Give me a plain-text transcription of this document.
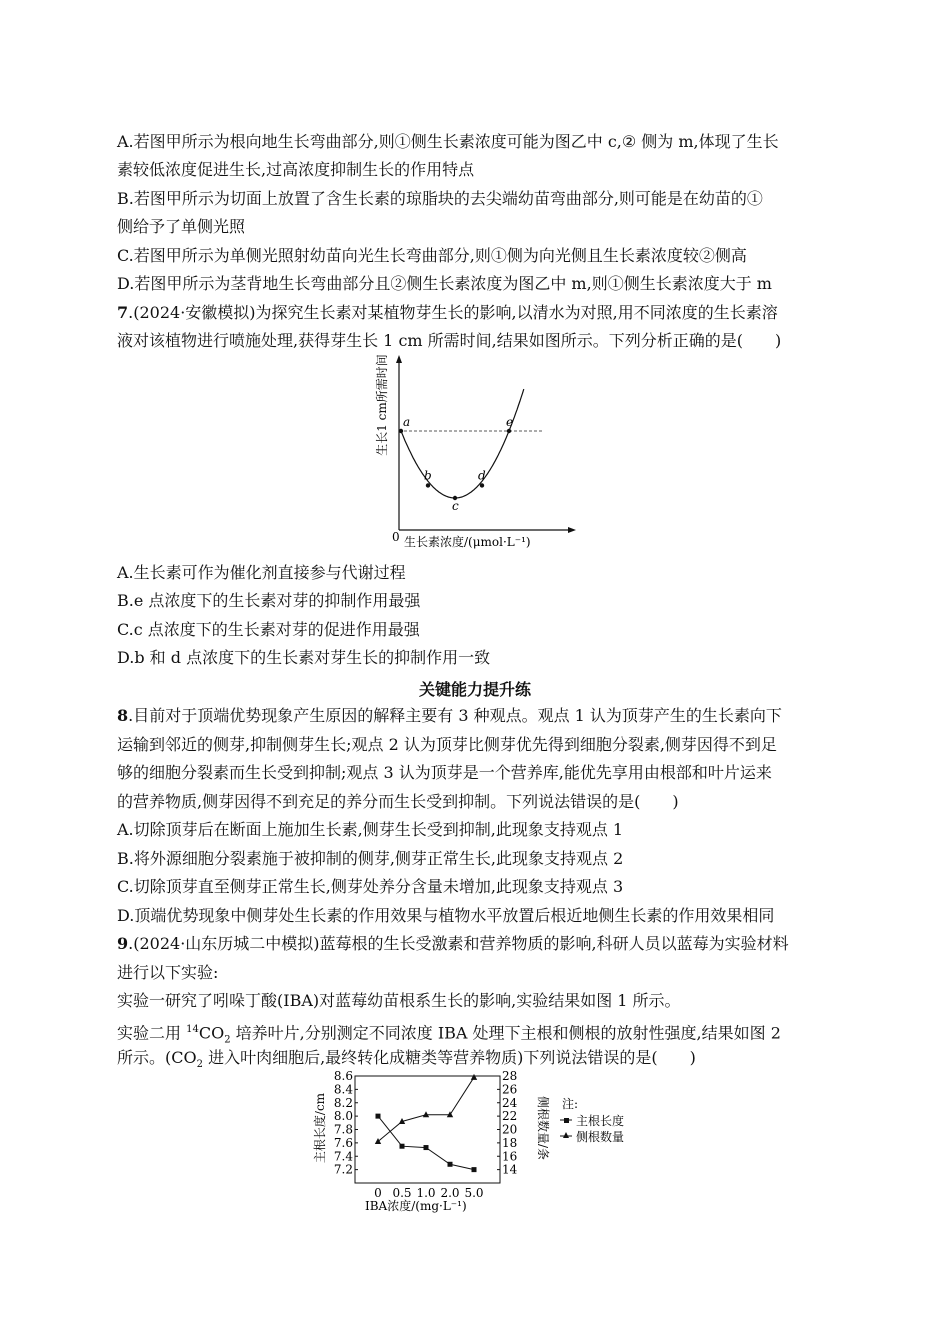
A.若图甲所示为根向地生长弯曲部分,则①侧生长素浓度可能为图乙中 c,② 侧为 m,体现了生长
素较低浓度促进生长,过高浓度抑制生长的作用特点
B.若图甲所示为切面上放置了含生长素的琼脂块的去尖端幼苗弯曲部分,则可能是在幼苗的①
侧给予了单侧光照
C.若图甲所示为单侧光照射幼苗向光生长弯曲部分,则①侧为向光侧且生长素浓度较②侧高
D.若图甲所示为茎背地生长弯曲部分且②侧生长素浓度为图乙中 m,则①侧生长素浓度大于 m
7.(2024·安徽模拟)为探究生长素对某植物芽生长的影响,以清水为对照,用不同浓度的生长素溶
液对该植物进行喷施处理,获得芽生长 1 cm 所需时间,结果如图所示。下列分析正确的是(　　)
生长1 cm所需时间
0 生长素浓度/(μmol·L⁻¹)
a
b
c
d
e
A.生长素可作为催化剂直接参与代谢过程
B.e 点浓度下的生长素对芽的抑制作用最强
C.c 点浓度下的生长素对芽的促进作用最强
D.b 和 d 点浓度下的生长素对芽生长的抑制作用一致
关键能力提升练
8.目前对于顶端优势现象产生原因的解释主要有 3 种观点。观点 1 认为顶芽产生的生长素向下
运输到邻近的侧芽,抑制侧芽生长;观点 2 认为顶芽比侧芽优先得到细胞分裂素,侧芽因得不到足
够的细胞分裂素而生长受到抑制;观点 3 认为顶芽是一个营养库,能优先享用由根部和叶片运来
的营养物质,侧芽因得不到充足的养分而生长受到抑制。下列说法错误的是(　　)
A.切除顶芽后在断面上施加生长素,侧芽生长受到抑制,此现象支持观点 1
B.将外源细胞分裂素施于被抑制的侧芽,侧芽正常生长,此现象支持观点 2
C.切除顶芽直至侧芽正常生长,侧芽处养分含量未增加,此现象支持观点 3
D.顶端优势现象中侧芽处生长素的作用效果与植物水平放置后根近地侧生长素的作用效果相同
9.(2024·山东历城二中模拟)蓝莓根的生长受激素和营养物质的影响,科研人员以蓝莓为实验材料
进行以下实验:
实验一研究了吲哚丁酸(IBA)对蓝莓幼苗根系生长的影响,实验结果如图 1 所示。
实验二用 $^{14}CO_2$ 培养叶片,分别测定不同浓度 IBA 处理下主根和侧根的放射性强度,结果如图 2
所示。($CO_2$ 进入叶肉细胞后,最终转化成糖类等营养物质)下列说法错误的是(　　)
主根长度/cm	侧根数量/条
IBA浓度/(mg·L⁻¹)
注:
主根长度
侧根数量
7.2
7.4
7.6
7.8
8.0
8.2
8.4
8.6
14
16
18
20
22
24
26
28
0 0.5 1.0 2.0 5.0
